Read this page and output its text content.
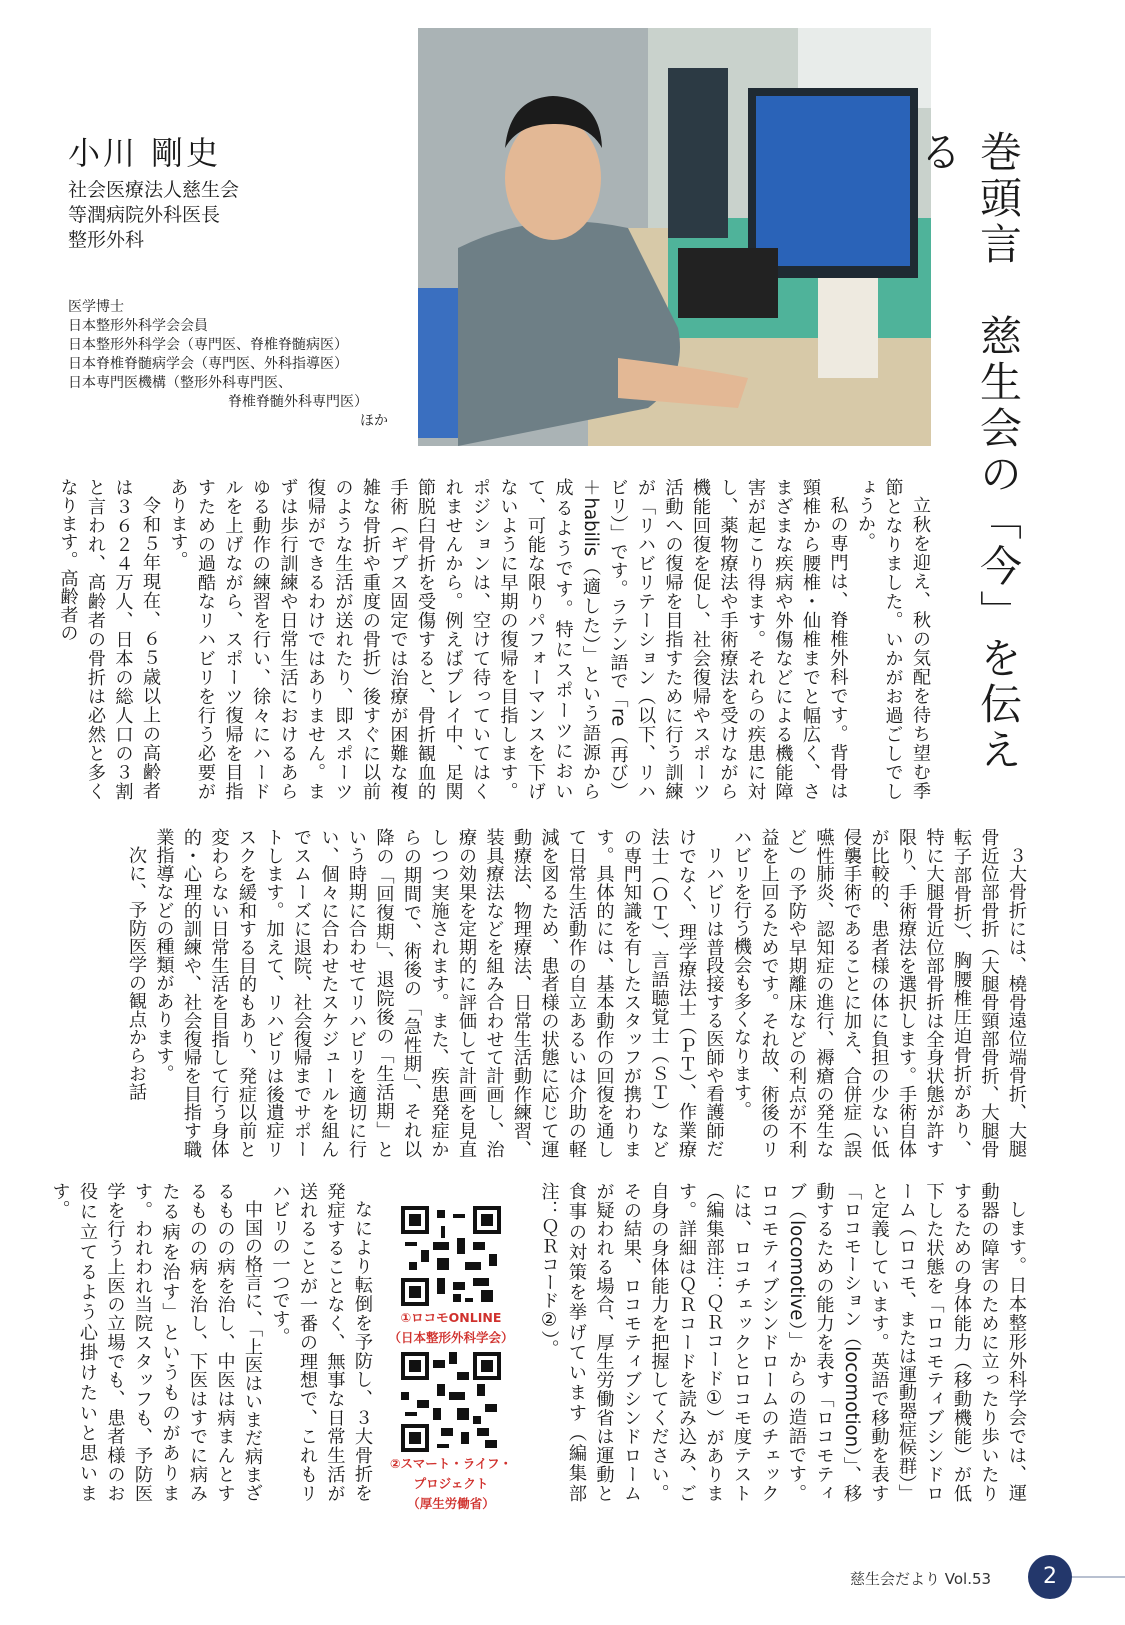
小川 剛史
社会医療法人慈生会
等潤病院外科医長
整形外科
医学博士
日本整形外科学会会員
日本整形外科学会（専門医、脊椎脊髄病医）
日本脊椎脊髄病学会（専門医、外科指導医）
日本専門医機構（整形外科専門医、
脊椎脊髄外科専門医）
ほか	巻頭言　慈生会の「今」を伝える

立秋を迎え、秋の気配を待ち望む季節となりました。いかがお過ごしでしょうか。

私の専門は、脊椎外科です。背骨は頸椎から腰椎・仙椎までと幅広く、さまざまな疾病や外傷などによる機能障害が起こり得ます。それらの疾患に対し、薬物療法や手術療法を受けながら機能回復を促し、社会復帰やスポーツ活動への復帰を目指すために行う訓練が「リハビリテーション（以下、リハビリ）」です。ラテン語で「re（再び）＋habilis（適した）」という語源から成るようです。特にスポーツにおいて、可能な限りパフォーマンスを下げないように早期の復帰を目指します。ポジションは、空けて待っていてはくれませんから。例えばプレイ中、足関節脱臼骨折を受傷すると、骨折観血的手術（ギプス固定では治療が困難な複雑な骨折や重度の骨折）後すぐに以前のような生活が送れたり、即スポーツ復帰ができるわけではありません。まずは歩行訓練や日常生活におけるあらゆる動作の練習を行い、徐々にハードルを上げながら、スポーツ復帰を目指すための過酷なリハビリを行う必要があります。

令和５年現在、６５歳以上の高齢者は３６２４万人、日本の総人口の３割と言われ、高齢者の骨折は必然と多くなります。高齢者の

３大骨折には、橈骨遠位端骨折、大腿骨近位部骨折（大腿骨頸部骨折、大腿骨転子部骨折）、胸腰椎圧迫骨折があり、特に大腿骨近位部骨折は全身状態が許す限り、手術療法を選択します。手術自体が比較的、患者様の体に負担の少ない低侵襲手術であることに加え、合併症（誤嚥性肺炎、認知症の進行、褥瘡の発生など）の予防や早期離床などの利点が不利益を上回るためです。それ故、術後のリハビリを行う機会も多くなります。

リハビリは普段接する医師や看護師だけでなく、理学療法士（ＰＴ）、作業療法士（ＯＴ）、言語聴覚士（ＳＴ）などの専門知識を有したスタッフが携わります。具体的には、基本動作の回復を通して日常生活動作の自立あるいは介助の軽減を図るため、患者様の状態に応じて運動療法、物理療法、日常生活動作練習、装具療法などを組み合わせて計画し、治療の効果を定期的に評価して計画を見直しつつ実施されます。また、疾患発症からの期間で、術後の「急性期」、それ以降の「回復期」、退院後の「生活期」という時期に合わせてリハビリを適切に行い、個々に合わせたスケジュールを組んでスムーズに退院、社会復帰までサポートします。加えて、リハビリは後遺症リスクを緩和する目的もあり、発症以前と変わらない日常生活を目指して行う身体的・心理的訓練や、社会復帰を目指す職業指導などの種類があります。

次に、予防医学の観点からお話

します。日本整形外科学会では、運動器の障害のために立ったり歩いたりするための身体能力（移動機能）が低下した状態を「ロコモティブシンドローム（ロコモ、または運動器症候群）」と定義しています。英語で移動を表す「ロコモーション（locomotion）」、移動するための能力を表す「ロコモティブ（locomotive）」からの造語です。ロコモティブシンドロームのチェックには、ロコチェックとロコモ度テスト（編集部注：ＱＲコード①）があります。詳細はＱＲコードを読み込み、ご自身の身体能力を把握してください。その結果、ロコモティブシンドロームが疑われる場合、厚生労働省は運動と食事の対策を挙げています（編集部注：ＱＲコード②）。

なにより転倒を予防し、３大骨折を発症することなく、無事な日常生活が送れることが一番の理想で、これもリハビリの一つです。

中国の格言に、「上医はいまだ病まざるものの病を治し、中医は病まんとするものの病を治し、下医はすでに病みたる病を治す」というものがあります。われわれ当院スタッフも、予防医学を行う上医の立場でも、患者様のお役に立てるよう心掛けたいと思います。

①ロコモONLINE
（日本整形外科学会）
②スマート・ライフ・
プロジェクト
（厚生労働省）
慈生会だより Vol.53	2
